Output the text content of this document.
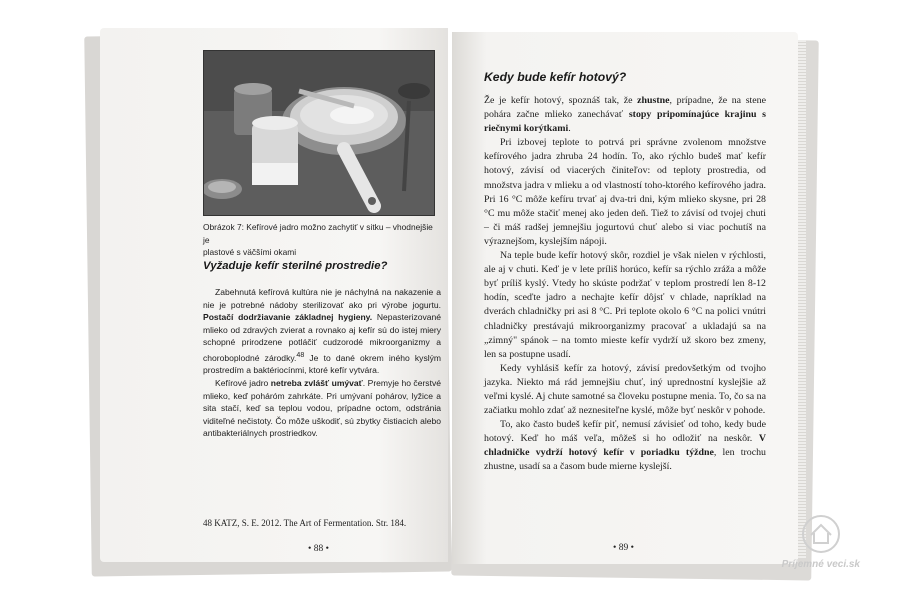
Obrázok 7: Kefírové jadro možno zachytiť v sitku – vhodnejšie je
plastové s väčšími okami
Vyžaduje kefír sterilné prostredie?

Zabehnutá kefírová kultúra nie je náchylná na nakazenie a nie je potrebné nádoby sterilizovať ako pri výrobe jogurtu. Postačí dodržiavanie základnej hygieny. Nepasterizované mlieko od zdravých zvierat a rovnako aj kefír sú do istej miery schopné prirodzene potláčiť cudzorodé mikroorganizmy a choroboplodné zárodky.$^{48}$ Je to dané okrem iného kyslým prostredím a baktériocínmi, ktoré kefír vytvára.

Kefírové jadro netreba zvlášť umývať. Premyje ho čerstvé mlieko, keď poháróm zahrkáte. Pri umývaní pohárov, lyžice a sita stačí, keď sa teplou vodou, prípadne octom, odstránia viditeľné nečistoty. Čo môže uškodiť, sú zbytky čistiacich alebo antibakteriálnych prostriedkov.

48 KATZ, S. E. 2012. The Art of Fermentation. Str. 184.
• 88 •
Kedy bude kefír hotový?

Že je kefír hotový, spoznáš tak, že zhustne, prípadne, že na stene pohára začne mlieko zanechávať stopy pripomínajúce krajinu s riečnymi korýtkami.

Pri izbovej teplote to potrvá pri správne zvolenom množstve kefírového jadra zhruba 24 hodín. To, ako rýchlo budeš mať kefír hotový, závisí od viacerých činiteľov: od teploty prostredia, od množstva jadra v mlieku a od vlastností toho-ktorého kefírového jadra. Pri 16 °C môže kefíru trvať aj dva-tri dni, kým mlieko skysne, pri 28 °C mu môže stačiť menej ako jeden deň. Tiež to závisí od tvojej chuti – či máš radšej jemnejšiu jogurtovú chuť alebo si viac pochutíš na výraznejšom, kyslejším nápoji.

Na teple bude kefír hotový skôr, rozdiel je však nielen v rýchlosti, ale aj v chuti. Keď je v lete príliš horúco, kefír sa rýchlo zráža a môže byť príliš kyslý. Vtedy ho skúste podržať v teplom prostredí len 8-12 hodín, sceďte jadro a nechajte kefír dôjsť v chlade, napríklad na dverách chladničky pri asi 8 °C. Pri teplote okolo 6 °C na polici vnútri chladničky prestávajú mikroorganizmy pracovať a ukladajú sa na „zimný" spánok – na tomto mieste kefír vydrží už skoro bez zmeny, len sa postupne usadí.

Kedy vyhlásiš kefír za hotový, závisí predovšetkým od tvojho jazyka. Niekto má rád jemnejšiu chuť, iný uprednostní kyslejšie až veľmi kyslé. Aj chute samotné sa človeku postupne menia. To, čo sa na začiatku mohlo zdať až neznesiteľne kyslé, môže byť neskôr v pohode.

To, ako často budeš kefír piť, nemusí závisieť od toho, kedy bude hotový. Keď ho máš veľa, môžeš si ho odložiť na neskôr. V chladničke vydrží hotový kefír v poriadku týždne, len trochu zhustne, usadí sa a časom bude mierne kyslejší.

• 89 •
Príjemné veci.sk
